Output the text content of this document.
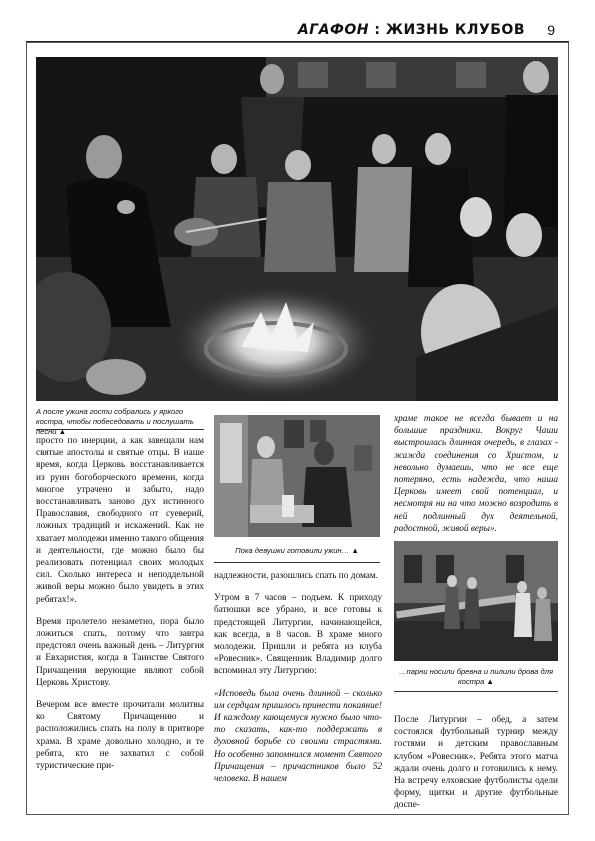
АГАФОН : ЖИЗНЬ КЛУБОВ 9
А после ужина гости собрались у яркого костра, чтобы побеседовать и послушать песни ▲
Пока девушки готовили ужин… ▲
…парни носили бревна и пилили дрова для костра ▲

просто по инерции, а как завещали нам святые апостолы и святые отцы. В наше время, когда Церковь восстанавливается из руин богоборческого времени, когда многое утрачено и забыто, надо восстанавливать заново дух истинного Православия, свободного от суеверий, ложных традиций и искажений. Как не хватает молодежи именно такого общения и деятельности, где можно было бы реализовать потенциал своих молодых сил. Сколько интереса и неподдельной живой веры можно было увидеть в этих ребятах!».

Время пролетело незаметно, пора было ложиться спать, потому что завтра предстоял очень важный день – Литургия и Евхаристия, когда в Таинстве Святого Причащения верующие являют собой Церковь Христову.

Вечером все вместе прочитали молитвы ко Святому Причащению и расположились спать на полу в притворе храма. В храме довольно холодно, и те ребята, кто не захватил с собой туристические при-

надлежности, разошлись спать по домам.

Утром в 7 часов – подъем. К приходу батюшки все убрано, и все готовы к предстоящей Литургии, начинающейся, как всегда, в 8 часов. В храме много молодежи. Пришли и ребята из клуба «Ровесник». Священник Владимир долго вспоминал эту Литургию:

«Исповедь была очень длинной – сколько им сердцам пришлось принести покаяние! И каждому кающемуся нужно было что-то сказать, как-то поддержать в духовной борьбе со своими страстями. Но особенно запомнился момент Святого Причащения – причастников было 52 человека. В нашем

храме такое не всегда бывает и на большие праздники. Вокруг Чаши выстроилась длинная очередь, в глазах - жажда соединения со Христом, и невольно думаешь, что не все еще потеряно, есть надежда, что наша Церковь имеет свой потенциал, и несмотря ни на что можно возродить в ней подлинный дух деятельной, радостной, живой веры».

После Литургии – обед, а затем состоялся футбольный турнир между гостями и детским православным клубом «Ровесник». Ребята этого матча ждали очень долго и готовились к нему. На встречу елховские футболисты одели форму, щитки и другие футбольные доспе-
